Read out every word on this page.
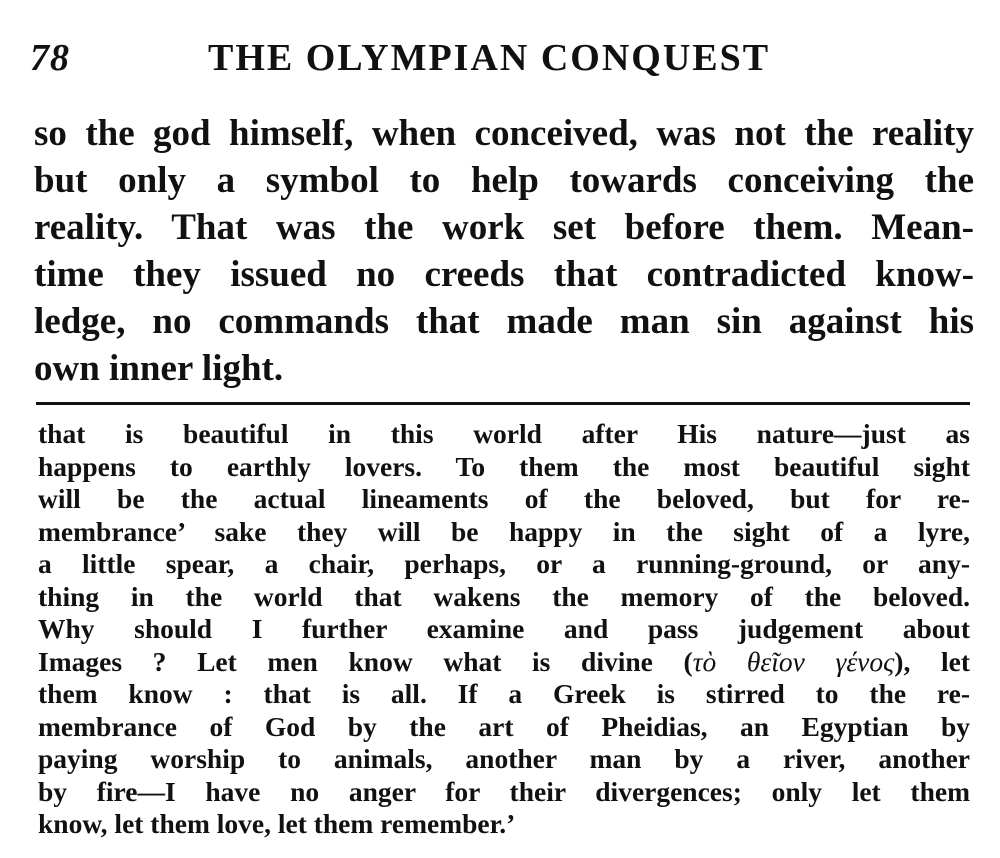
78	THE OLYMPIAN CONQUEST
so the god himself, when conceived, was not the reality
but only a symbol to help towards conceiving the
reality. That was the work set before them. Mean-
time they issued no creeds that contradicted know-
ledge, no commands that made man sin against his
own inner light.
that is beautiful in this world after His nature—just as
happens to earthly lovers. To them the most beautiful sight
will be the actual lineaments of the beloved, but for re-
membrance’ sake they will be happy in the sight of a lyre,
a little spear, a chair, perhaps, or a running-ground, or any-
thing in the world that wakens the memory of the beloved.
Why should I further examine and pass judgement about
Images ? Let men know what is divine (τὸ θεῖον γένος), let
them know : that is all. If a Greek is stirred to the re-
membrance of God by the art of Pheidias, an Egyptian by
paying worship to animals, another man by a river, another
by fire—I have no anger for their divergences; only let them
know, let them love, let them remember.’
